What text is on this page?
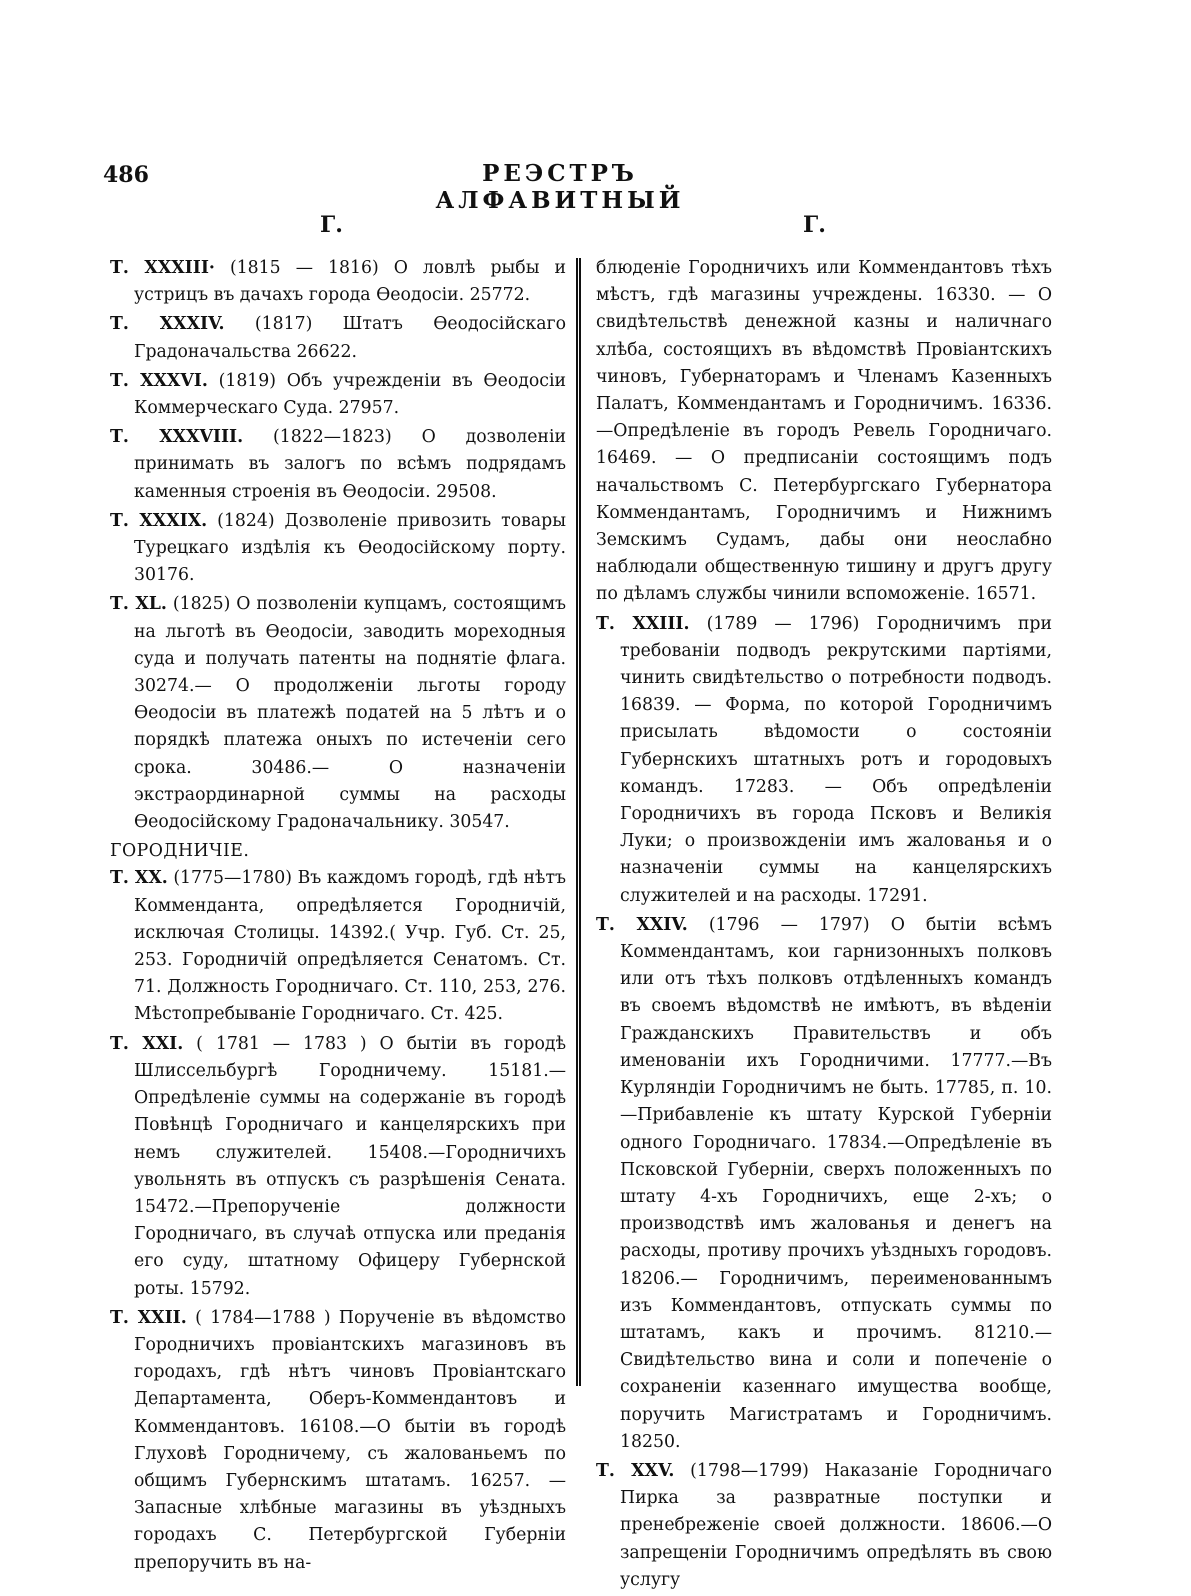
486	РЕЭСТРЪ АЛФАВИТНЫЙ
Г.	Г.

Т. XXXIII· (1815 — 1816) О ловлѣ рыбы и устрицъ въ дачахъ города Ѳеодосіи. 25772.

Т. XXXIV. (1817) Штатъ Ѳеодосійскаго Градоначальства 26622.

Т. XXXVI. (1819) Объ учрежденіи въ Ѳеодосіи Коммерческаго Суда. 27957.

Т. XXXVIII. (1822—1823) О дозволеніи принимать въ залогъ по всѣмъ подрядамъ каменныя строенія въ Ѳеодосіи. 29508.

Т. XXXIX. (1824) Дозволеніе привозить товары Турецкаго издѣлія къ Ѳеодосійскому порту. 30176.

Т. XL. (1825) О позволеніи купцамъ, состоящимъ на льготѣ въ Ѳеодосіи, заводить мореходныя суда и получать патенты на поднятіе флага. 30274.— О продолженіи льготы городу Ѳеодосіи въ платежѣ податей на 5 лѣтъ и о порядкѣ платежа оныхъ по истеченіи сего срока. 30486.— О назначеніи экстраординарной суммы на расходы Ѳеодосійскому Градоначальнику. 30547.

ГОРОДНИЧІЕ.

Т. XX. (1775—1780) Въ каждомъ городѣ, гдѣ нѣтъ Коммендантa, опредѣляется Городничій, исключая Столицы. 14392.( Учр. Губ. Ст. 25, 253. Городничій опредѣляется Сенатомъ. Ст. 71. Должность Городничаго. Ст. 110, 253, 276. Мѣстопребываніе Городничаго. Ст. 425.

Т. XXI. ( 1781 — 1783 ) О бытіи въ городѣ Шлиссельбургѣ Городничему. 15181.—Опредѣленіе суммы на содержаніе въ городѣ Повѣнцѣ Городничаго и канцелярскихъ при немъ служителей. 15408.—Городничихъ увольнять въ отпускъ съ разрѣшенія Сената. 15472.—Препорученіе должности Городничаго, въ случаѣ отпуска или преданія его суду, штатному Офицеру Губернской роты. 15792.

Т. XXII. ( 1784—1788 ) Порученіе въ вѣдомство Городничихъ провіантскихъ магазиновъ въ городахъ, гдѣ нѣтъ чиновъ Провіантскаго Департамента, Оберъ-Коммендантовъ и Коммендантовъ. 16108.—О бытіи въ городѣ Глуховѣ Городничему, съ жалованьемъ по общимъ Губернскимъ штатамъ. 16257. — Запасные хлѣбные магазины въ уѣздныхъ городахъ С. Петербургской Губерніи препоручить въ на-

блюденіе Городничихъ или Коммендантовъ тѣхъ мѣстъ, гдѣ магазины учреждены. 16330. — О свидѣтельствѣ денежной казны и наличнаго хлѣба, состоящихъ въ вѣдомствѣ Провіантскихъ чиновъ, Губернаторамъ и Членамъ Казенныхъ Палатъ, Коммендантамъ и Городничимъ. 16336.—Опредѣленіе въ городъ Ревель Городничаго. 16469. — О предписаніи состоящимъ подъ начальствомъ С. Петербургскаго Губернатора Коммендантамъ, Городничимъ и Нижнимъ Земскимъ Судамъ, дабы они неослабно наблюдали общественную тишину и другъ другу по дѣламъ службы чинили вспоможеніе. 16571.

Т. XXIII. (1789 — 1796) Городничимъ при требованіи подводъ рекрутскими партіями, чинить свидѣтельство о потребности подводъ. 16839. — Форма, по которой Городничимъ присылать вѣдомости о состояніи Губернскихъ штатныхъ ротъ и городовыхъ командъ. 17283. — Объ опредѣленіи Городничихъ въ города Псковъ и Великія Луки; о произвожденіи имъ жалованья и о назначеніи суммы на канцелярскихъ служителей и на расходы. 17291.

Т. XXIV. (1796 — 1797) О бытіи всѣмъ Коммендантамъ, кои гарнизонныхъ полковъ или отъ тѣхъ полковъ отдѣленныхъ командъ въ своемъ вѣдомствѣ не имѣютъ, въ вѣденіи Гражданскихъ Правительствъ и объ именованіи ихъ Городничими. 17777.—Въ Курляндіи Городничимъ не быть. 17785, п. 10.—Прибавленіе къ штату Курской Губерніи одного Городничаго. 17834.—Опредѣленіе въ Псковской Губерніи, сверхъ положенныхъ по штату 4-хъ Городничихъ, еще 2-хъ; о производствѣ имъ жалованья и денегъ на расходы, противу прочихъ уѣздныхъ городовъ. 18206.— Городничимъ, переименованнымъ изъ Коммендантовъ, отпускать суммы по штатамъ, какъ и прочимъ. 81210.—Свидѣтельство вина и соли и попеченіе о сохраненіи казеннаго имущества вообще, поручить Магистратамъ и Городничимъ. 18250.

Т. XXV. (1798—1799) Наказаніе Городничаго Пирка за развратные поступки и пренебреженіе своей должности. 18606.—О запрещеніи Городничимъ опредѣлять въ свою услугу
